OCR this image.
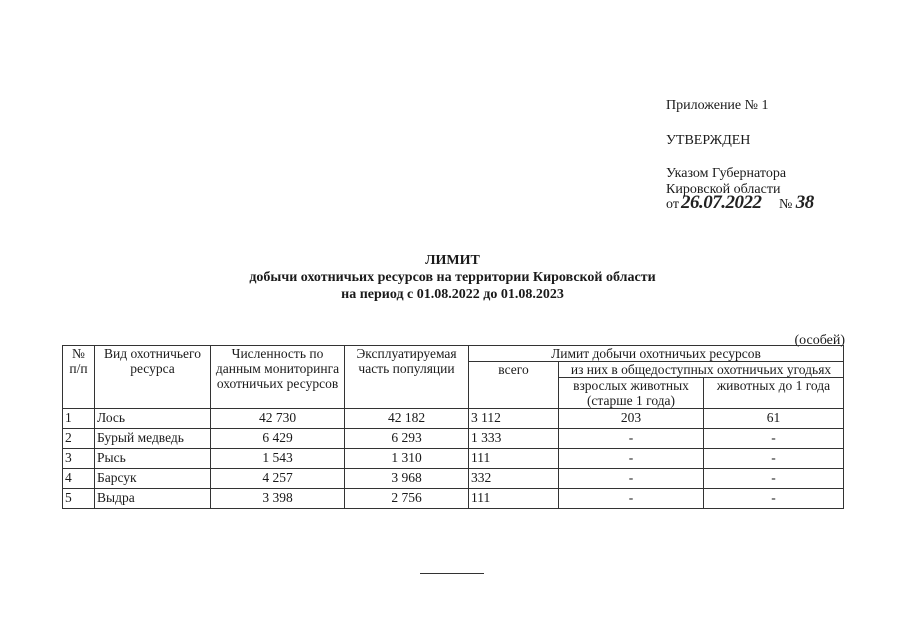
Приложение № 1
УТВЕРЖДЕН
Указом Губернатора
Кировской области
от 26.07.2022 № 38
ЛИМИТ
добычи охотничьих ресурсов на территории Кировской области
на период с 01.08.2022 до 01.08.2023
(особей)
№ п/п	Вид охотничьего ресурса	Численность по данным мониторинга охотничьих ресурсов	Эксплуатируемая часть популяции	Лимит добычи охотничьих ресурсов		
				всего	из них в общедоступных охотничьих угодьях	
					взрослых животных (старше 1 года)	животных до 1 года
1	Лось	42 730	42 182	3 112	203	61
2	Бурый медведь	6 429	6 293	1 333	-	-
3	Рысь	1 543	1 310	111	-	-
4	Барсук	4 257	3 968	332	-	-
5	Выдра	3 398	2 756	111	-	-
